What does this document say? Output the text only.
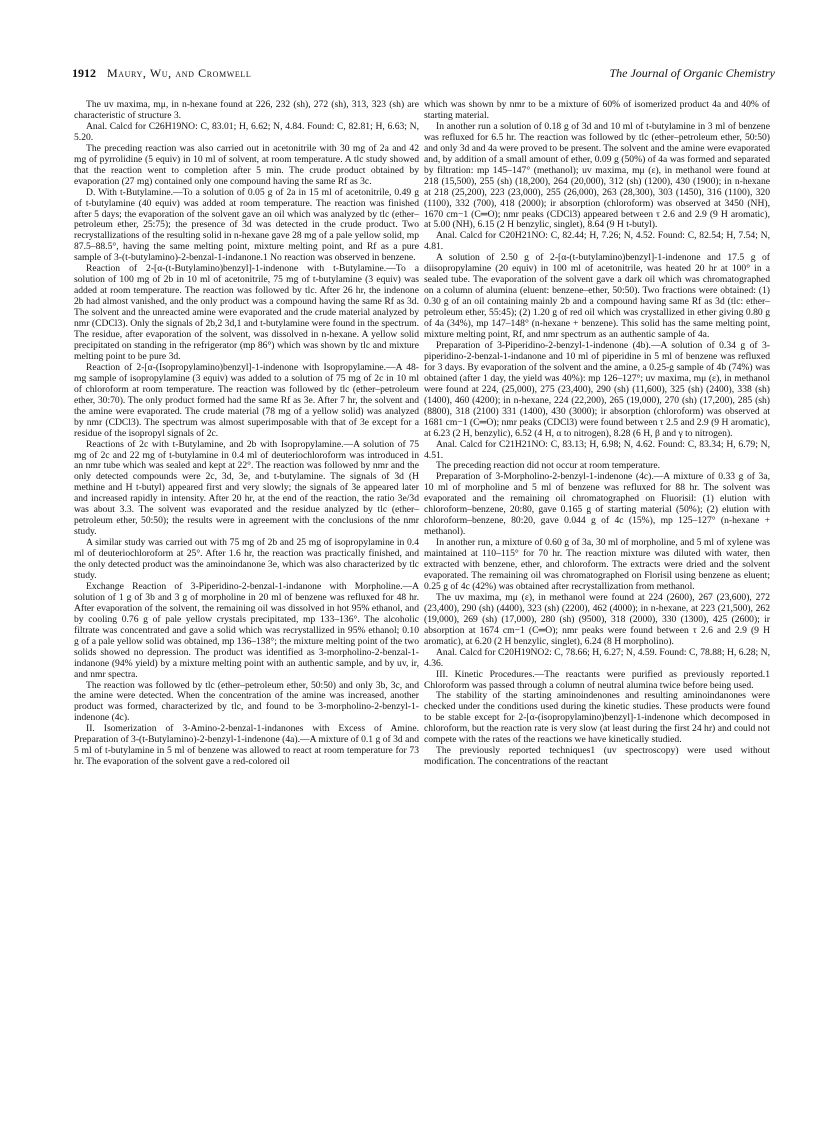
1912 Maury, Wu, and Cromwell	The Journal of Organic Chemistry

The uv maxima, mμ, in n-hexane found at 226, 232 (sh), 272 (sh), 313, 323 (sh) are characteristic of structure 3.

Anal. Calcd for C26H19NO: C, 83.01; H, 6.62; N, 4.84. Found: C, 82.81; H, 6.63; N, 5.20.

The preceding reaction was also carried out in acetonitrile with 30 mg of 2a and 42 mg of pyrrolidine (5 equiv) in 10 ml of solvent, at room temperature. A tlc study showed that the reaction went to completion after 5 min. The crude product obtained by evaporation (27 mg) contained only one compound having the same Rf as 3c.

D. With t-Butylamine.—To a solution of 0.05 g of 2a in 15 ml of acetonitrile, 0.49 g of t-butylamine (40 equiv) was added at room temperature. The reaction was finished after 5 days; the evaporation of the solvent gave an oil which was analyzed by tlc (ether–petroleum ether, 25:75); the presence of 3d was detected in the crude product. Two recrystallizations of the resulting solid in n-hexane gave 28 mg of a pale yellow solid, mp 87.5–88.5°, having the same melting point, mixture melting point, and Rf as a pure sample of 3-(t-butylamino)-2-benzal-1-indanone.1 No reaction was observed in benzene.

Reaction of 2-[α-(t-Butylamino)benzyl]-1-indenone with t-Butylamine.—To a solution of 100 mg of 2b in 10 ml of acetonitrile, 75 mg of t-butylamine (3 equiv) was added at room temperature. The reaction was followed by tlc. After 26 hr, the indenone 2b had almost vanished, and the only product was a compound having the same Rf as 3d. The solvent and the unreacted amine were evaporated and the crude material analyzed by nmr (CDCl3). Only the signals of 2b,2 3d,1 and t-butylamine were found in the spectrum. The residue, after evaporation of the solvent, was dissolved in n-hexane. A yellow solid precipitated on standing in the refrigerator (mp 86°) which was shown by tlc and mixture melting point to be pure 3d.

Reaction of 2-[α-(Isopropylamino)benzyl]-1-indenone with Isopropylamine.—A 48-mg sample of isopropylamine (3 equiv) was added to a solution of 75 mg of 2c in 10 ml of chloroform at room temperature. The reaction was followed by tlc (ether–petroleum ether, 30:70). The only product formed had the same Rf as 3e. After 7 hr, the solvent and the amine were evaporated. The crude material (78 mg of a yellow solid) was analyzed by nmr (CDCl3). The spectrum was almost superimposable with that of 3e except for a residue of the isopropyl signals of 2c.

Reactions of 2c with t-Butylamine, and 2b with Isopropylamine.—A solution of 75 mg of 2c and 22 mg of t-butylamine in 0.4 ml of deuteriochloroform was introduced in an nmr tube which was sealed and kept at 22°. The reaction was followed by nmr and the only detected compounds were 2c, 3d, 3e, and t-butylamine. The signals of 3d (H methine and H t-butyl) appeared first and very slowly; the signals of 3e appeared later and increased rapidly in intensity. After 20 hr, at the end of the reaction, the ratio 3e/3d was about 3.3. The solvent was evaporated and the residue analyzed by tlc (ether–petroleum ether, 50:50); the results were in agreement with the conclusions of the nmr study.

A similar study was carried out with 75 mg of 2b and 25 mg of isopropylamine in 0.4 ml of deuteriochloroform at 25°. After 1.6 hr, the reaction was practically finished, and the only detected product was the aminoindanone 3e, which was also characterized by tlc study.

Exchange Reaction of 3-Piperidino-2-benzal-1-indanone with Morpholine.—A solution of 1 g of 3b and 3 g of morpholine in 20 ml of benzene was refluxed for 48 hr. After evaporation of the solvent, the remaining oil was dissolved in hot 95% ethanol, and by cooling 0.76 g of pale yellow crystals precipitated, mp 133–136°. The alcoholic filtrate was concentrated and gave a solid which was recrystallized in 95% ethanol; 0.10 g of a pale yellow solid was obtained, mp 136–138°; the mixture melting point of the two solids showed no depression. The product was identified as 3-morpholino-2-benzal-1-indanone (94% yield) by a mixture melting point with an authentic sample, and by uv, ir, and nmr spectra.

The reaction was followed by tlc (ether–petroleum ether, 50:50) and only 3b, 3c, and the amine were detected. When the concentration of the amine was increased, another product was formed, characterized by tlc, and found to be 3-morpholino-2-benzyl-1-indenone (4c).

II. Isomerization of 3-Amino-2-benzal-1-indanones with Excess of Amine. Preparation of 3-(t-Butylamino)-2-benzyl-1-indenone (4a).—A mixture of 0.1 g of 3d and 5 ml of t-butylamine in 5 ml of benzene was allowed to react at room temperature for 73 hr. The evaporation of the solvent gave a red-colored oil

which was shown by nmr to be a mixture of 60% of isomerized product 4a and 40% of starting material.

In another run a solution of 0.18 g of 3d and 10 ml of t-butylamine in 3 ml of benzene was refluxed for 6.5 hr. The reaction was followed by tlc (ether–petroleum ether, 50:50) and only 3d and 4a were proved to be present. The solvent and the amine were evaporated and, by addition of a small amount of ether, 0.09 g (50%) of 4a was formed and separated by filtration: mp 145–147° (methanol); uv maxima, mμ (ε), in methanol were found at 218 (15,500), 255 (sh) (18,200), 264 (20,000), 312 (sh) (1200), 430 (1900); in n-hexane at 218 (25,200), 223 (23,000), 255 (26,000), 263 (28,300), 303 (1450), 316 (1100), 320 (1100), 332 (700), 418 (2000); ir absorption (chloroform) was observed at 3450 (NH), 1670 cm−1 (C═O); nmr peaks (CDCl3) appeared between τ 2.6 and 2.9 (9 H aromatic), at 5.00 (NH), 6.15 (2 H benzylic, singlet), 8.64 (9 H t-butyl).

Anal. Calcd for C20H21NO: C, 82.44; H, 7.26; N, 4.52. Found: C, 82.54; H, 7.54; N, 4.81.

A solution of 2.50 g of 2-[α-(t-butylamino)benzyl]-1-indenone and 17.5 g of diisopropylamine (20 equiv) in 100 ml of acetonitrile, was heated 20 hr at 100° in a sealed tube. The evaporation of the solvent gave a dark oil which was chromatographed on a column of alumina (eluent: benzene–ether, 50:50). Two fractions were obtained: (1) 0.30 g of an oil containing mainly 2b and a compound having same Rf as 3d (tlc: ether–petroleum ether, 55:45); (2) 1.20 g of red oil which was crystallized in ether giving 0.80 g of 4a (34%), mp 147–148° (n-hexane + benzene). This solid has the same melting point, mixture melting point, Rf, and nmr spectrum as an authentic sample of 4a.

Preparation of 3-Piperidino-2-benzyl-1-indenone (4b).—A solution of 0.34 g of 3-piperidino-2-benzal-1-indanone and 10 ml of piperidine in 5 ml of benzene was refluxed for 3 days. By evaporation of the solvent and the amine, a 0.25-g sample of 4b (74%) was obtained (after 1 day, the yield was 40%): mp 126–127°; uv maxima, mμ (ε), in methanol were found at 224, (25,000), 275 (23,400), 290 (sh) (11,600), 325 (sh) (2400), 338 (sh) (1400), 460 (4200); in n-hexane, 224 (22,200), 265 (19,000), 270 (sh) (17,200), 285 (sh) (8800), 318 (2100) 331 (1400), 430 (3000); ir absorption (chloroform) was observed at 1681 cm−1 (C═O); nmr peaks (CDCl3) were found between τ 2.5 and 2.9 (9 H aromatic), at 6.23 (2 H, benzylic), 6.52 (4 H, α to nitrogen), 8.28 (6 H, β and γ to nitrogen).

Anal. Calcd for C21H21NO: C, 83.13; H, 6.98; N, 4.62. Found: C, 83.34; H, 6.79; N, 4.51.

The preceding reaction did not occur at room temperature.

Preparation of 3-Morpholino-2-benzyl-1-indenone (4c).—A mixture of 0.33 g of 3a, 10 ml of morpholine and 5 ml of benzene was refluxed for 88 hr. The solvent was evaporated and the remaining oil chromatographed on Fluorisil: (1) elution with chloroform–benzene, 20:80, gave 0.165 g of starting material (50%); (2) elution with chloroform–benzene, 80:20, gave 0.044 g of 4c (15%), mp 125–127° (n-hexane + methanol).

In another run, a mixture of 0.60 g of 3a, 30 ml of morpholine, and 5 ml of xylene was maintained at 110–115° for 70 hr. The reaction mixture was diluted with water, then extracted with benzene, ether, and chloroform. The extracts were dried and the solvent evaporated. The remaining oil was chromatographed on Florisil using benzene as eluent; 0.25 g of 4c (42%) was obtained after recrystallization from methanol.

The uv maxima, mμ (ε), in methanol were found at 224 (2600), 267 (23,600), 272 (23,400), 290 (sh) (4400), 323 (sh) (2200), 462 (4000); in n-hexane, at 223 (21,500), 262 (19,000), 269 (sh) (17,000), 280 (sh) (9500), 318 (2000), 330 (1300), 425 (2600); ir absorption at 1674 cm−1 (C═O); nmr peaks were found between τ 2.6 and 2.9 (9 H aromatic), at 6.20 (2 H benzylic, singlet), 6.24 (8 H morpholino).

Anal. Calcd for C20H19NO2: C, 78.66; H, 6.27; N, 4.59. Found: C, 78.88; H, 6.28; N, 4.36.

III. Kinetic Procedures.—The reactants were purified as previously reported.1 Chloroform was passed through a column of neutral alumina twice before being used.

The stability of the starting aminoindenones and resulting aminoindanones were checked under the conditions used during the kinetic studies. These products were found to be stable except for 2-[α-(isopropylamino)benzyl]-1-indenone which decomposed in chloroform, but the reaction rate is very slow (at least during the first 24 hr) and could not compete with the rates of the reactions we have kinetically studied.

The previously reported techniques1 (uv spectroscopy) were used without modification. The concentrations of the reactant
